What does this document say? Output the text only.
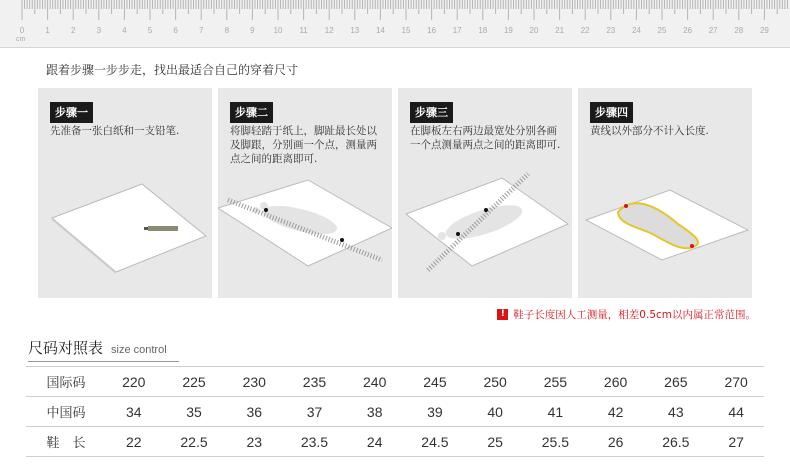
0	1	2	3	4	5	6	7	8	9 10 11 12 13 14 15 16 17 18 19 20 21 22 23 24 25 26 27 28 29
cm
跟着步骤一步步走，找出最适合自己的穿着尺寸
步骤一
先准备一张白纸和一支铅笔.
步骤二
将脚轻踏于纸上，脚趾最长处以及脚跟，分别画一个点，测量两点之间的距离即可.
步骤三
在脚板左右两边最宽处分别各画一个点测量两点之间的距离即可.
步骤四
黄线以外部分不计入长度.
! 鞋子长度因人工测量，相差0.5cm以内属正常范围。
尺码对照表 size control
国际码	220	225	230	235	240	245	250	255	260	265	270
中国码	34	35	36	37	38	39	40	41	42	43	44
鞋　长	22	22.5	23	23.5	24	24.5	25	25.5	26	26.5	27
